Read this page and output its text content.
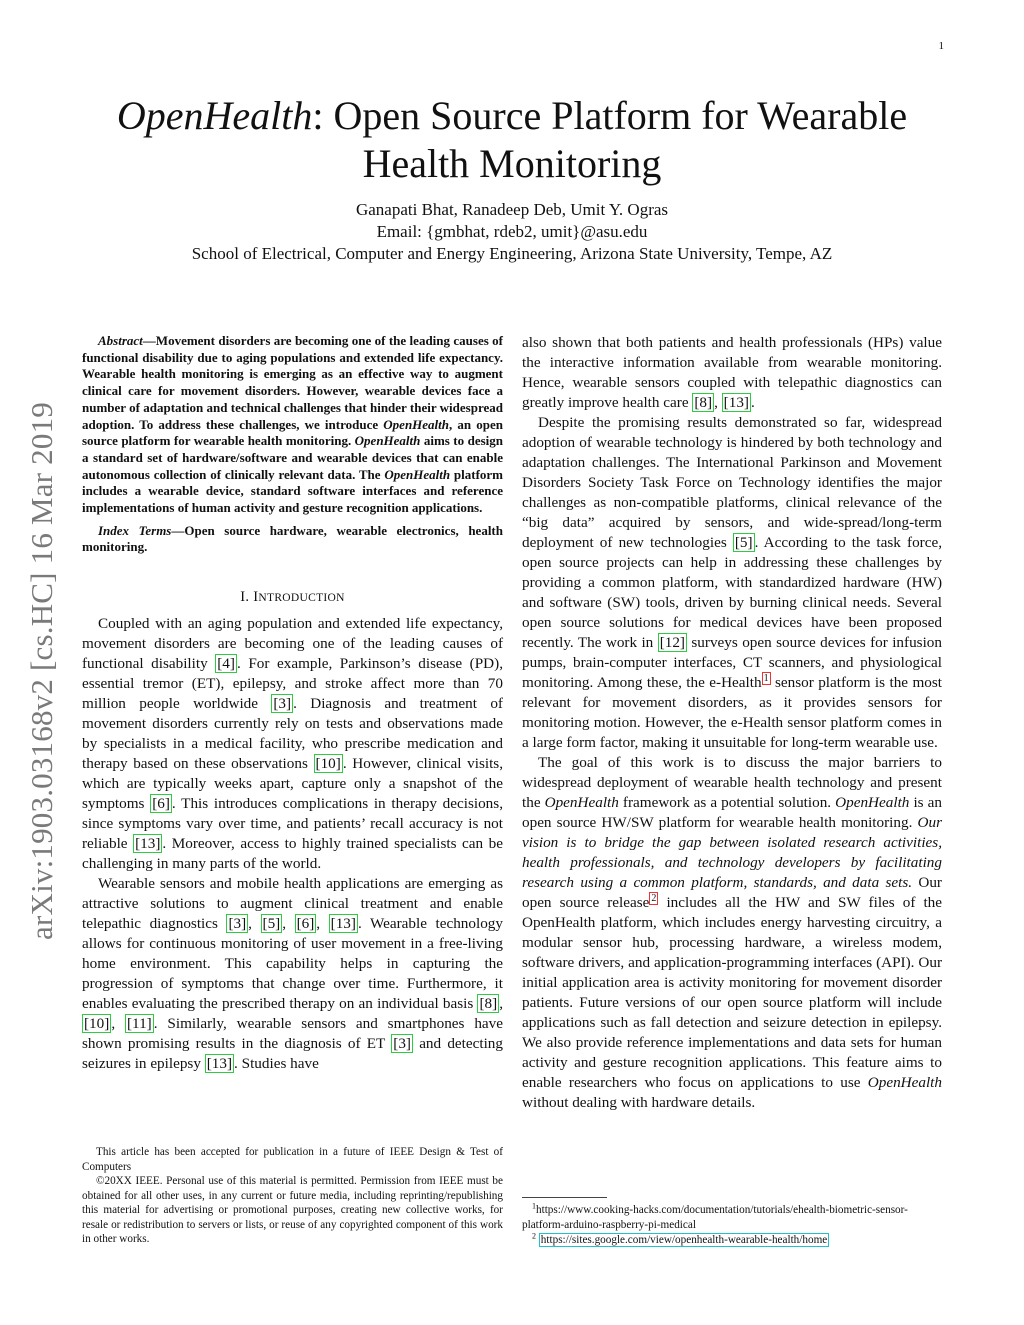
1
arXiv:1903.03168v2 [cs.HC] 16 Mar 2019
OpenHealth: Open Source Platform for Wearable Health Monitoring
Ganapati Bhat, Ranadeep Deb, Umit Y. Ogras
Email: {gmbhat, rdeb2, umit}@asu.edu
School of Electrical, Computer and Energy Engineering, Arizona State University, Tempe, AZ

Abstract—Movement disorders are becoming one of the leading causes of functional disability due to aging populations and extended life expectancy. Wearable health monitoring is emerging as an effective way to augment clinical care for movement disorders. However, wearable devices face a number of adaptation and technical challenges that hinder their widespread adoption. To address these challenges, we introduce OpenHealth, an open source platform for wearable health monitoring. OpenHealth aims to design a standard set of hardware/software and wearable devices that can enable autonomous collection of clinically relevant data. The OpenHealth platform includes a wearable device, standard software interfaces and reference implementations of human activity and gesture recognition applications.

Index Terms—Open source hardware, wearable electronics, health monitoring.

I. INTRODUCTION

Coupled with an aging population and extended life expectancy, movement disorders are becoming one of the leading causes of functional disability [4] . For example, Parkinson’s disease (PD), essential tremor (ET), epilepsy, and stroke affect more than 70 million people worldwide [3] . Diagnosis and treatment of movement disorders currently rely on tests and observations made by specialists in a medical facility, who prescribe medication and therapy based on these observations [10] . However, clinical visits, which are typically weeks apart, capture only a snapshot of the symptoms [6] . This introduces complications in therapy decisions, since symptoms vary over time, and patients’ recall accuracy is not reliable [13] . Moreover, access to highly trained specialists can be challenging in many parts of the world.

Wearable sensors and mobile health applications are emerging as attractive solutions to augment clinical treatment and enable telepathic diagnostics [3] , [5] , [6] , [13] . Wearable technology allows for continuous monitoring of user movement in a free-living home environment. This capability helps in capturing the progression of symptoms that change over time. Furthermore, it enables evaluating the prescribed therapy on an individual basis [8] , [10] , [11] . Similarly, wearable sensors and smartphones have shown promising results in the diagnosis of ET [3] and detecting seizures in epilepsy [13] . Studies have

This article has been accepted for publication in a future of IEEE Design & Test of Computers

©20XX IEEE. Personal use of this material is permitted. Permission from IEEE must be obtained for all other uses, in any current or future media, including reprinting/republishing this material for advertising or promotional purposes, creating new collective works, for resale or redistribution to servers or lists, or reuse of any copyrighted component of this work in other works.

also shown that both patients and health professionals (HPs) value the interactive information available from wearable monitoring. Hence, wearable sensors coupled with telepathic diagnostics can greatly improve health care [8] , [13] .

Despite the promising results demonstrated so far, widespread adoption of wearable technology is hindered by both technology and adaptation challenges. The International Parkinson and Movement Disorders Society Task Force on Technology identifies the major challenges as non-compatible platforms, clinical relevance of the “big data” acquired by sensors, and wide-spread/long-term deployment of new technologies [5] . According to the task force, open source projects can help in addressing these challenges by providing a common platform, with standardized hardware (HW) and software (SW) tools, driven by burning clinical needs. Several open source solutions for medical devices have been proposed recently. The work in [12] surveys open source devices for infusion pumps, brain-computer interfaces, CT scanners, and physiological monitoring. Among these, the e-Health $^1$ sensor platform is the most relevant for movement disorders, as it provides sensors for monitoring motion. However, the e-Health sensor platform comes in a large form factor, making it unsuitable for long-term wearable use.

The goal of this work is to discuss the major barriers to widespread deployment of wearable health technology and present the OpenHealth framework as a potential solution. OpenHealth is an open source HW/SW platform for wearable health monitoring. Our vision is to bridge the gap between isolated research activities, health professionals, and technology developers by facilitating research using a common platform, standards, and data sets. Our open source release $^2$ includes all the HW and SW files of the OpenHealth platform, which includes energy harvesting circuitry, a modular sensor hub, processing hardware, a wireless modem, software drivers, and application-programming interfaces (API). Our initial application area is activity monitoring for movement disorder patients. Future versions of our open source platform will include applications such as fall detection and seizure detection in epilepsy. We also provide reference implementations and data sets for human activity and gesture recognition applications. This feature aims to enable researchers who focus on applications to use OpenHealth without dealing with hardware details.

$^1$https://www.cooking-hacks.com/documentation/tutorials/ehealth-biometric-sensor-platform-arduino-raspberry-pi-medical

$^2$ https://sites.google.com/view/openhealth-wearable-health/home
